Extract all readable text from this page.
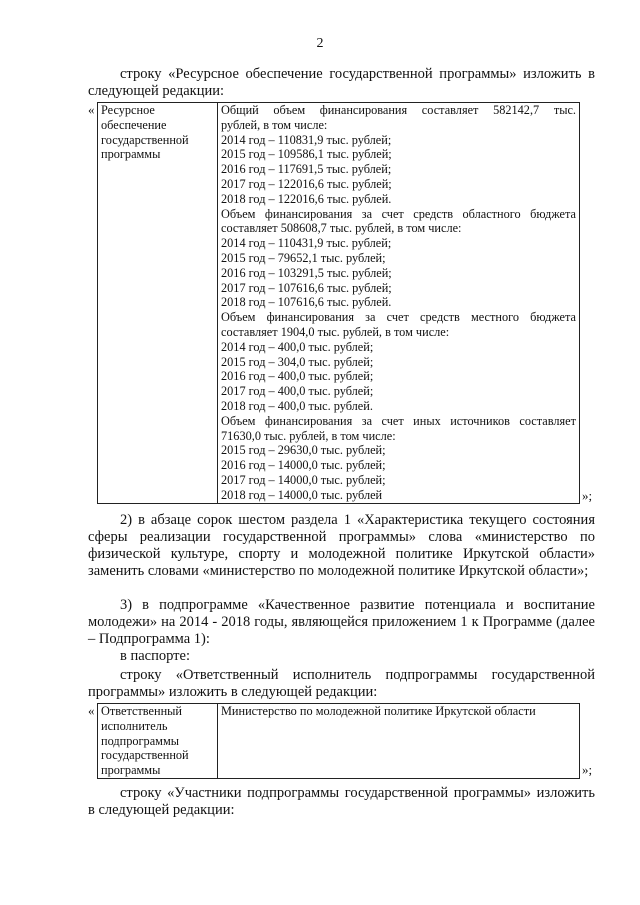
2
строку «Ресурсное обеспечение государственной программы» изложить в следующей редакции:
« Ресурсное
обеспечение
государственной
программы

Общий объем финансирования составляет 582142,7 тыс.
рублей, в том числе:
2014 год – 110831,9 тыс. рублей;
2015 год – 109586,1 тыс. рублей;
2016 год – 117691,5 тыс. рублей;
2017 год – 122016,6 тыс. рублей;
2018 год – 122016,6 тыс. рублей.
Объем финансирования за счет средств областного бюджета
составляет 508608,7 тыс. рублей, в том числе:
2014 год – 110431,9 тыс. рублей;
2015 год – 79652,1 тыс. рублей;
2016 год – 103291,5 тыс. рублей;
2017 год – 107616,6 тыс. рублей;
2018 год – 107616,6 тыс. рублей.
Объем финансирования за счет средств местного бюджета
составляет 1904,0 тыс. рублей, в том числе:
2014 год – 400,0 тыс. рублей;
2015 год – 304,0 тыс. рублей;
2016 год – 400,0 тыс. рублей;
2017 год – 400,0 тыс. рублей;
2018 год – 400,0 тыс. рублей.
Объем финансирования за счет иных источников составляет
71630,0 тыс. рублей, в том числе:
2015 год – 29630,0 тыс. рублей;
2016 год – 14000,0 тыс. рублей;
2017 год – 14000,0 тыс. рублей;
2018 год – 14000,0 тыс. рублей	»;
2) в абзаце сорок шестом раздела 1 «Характеристика текущего состояния сферы реализации государственной программы» слова «министерство по физической культуре, спорту и молодежной политике Иркутской области» заменить словами «министерство по молодежной политике Иркутской области»;
3) в подпрограмме «Качественное развитие потенциала и воспитание молодежи» на 2014 - 2018 годы, являющейся приложением 1 к Программе (далее – Подпрограмма 1):
в паспорте:
строку «Ответственный исполнитель подпрограммы государственной программы» изложить в следующей редакции:
« Ответственный
исполнитель
подпрограммы
государственной
программы

Министерство по молодежной политике Иркутской области
»;
строку «Участники подпрограммы государственной программы» изложить в следующей редакции:
